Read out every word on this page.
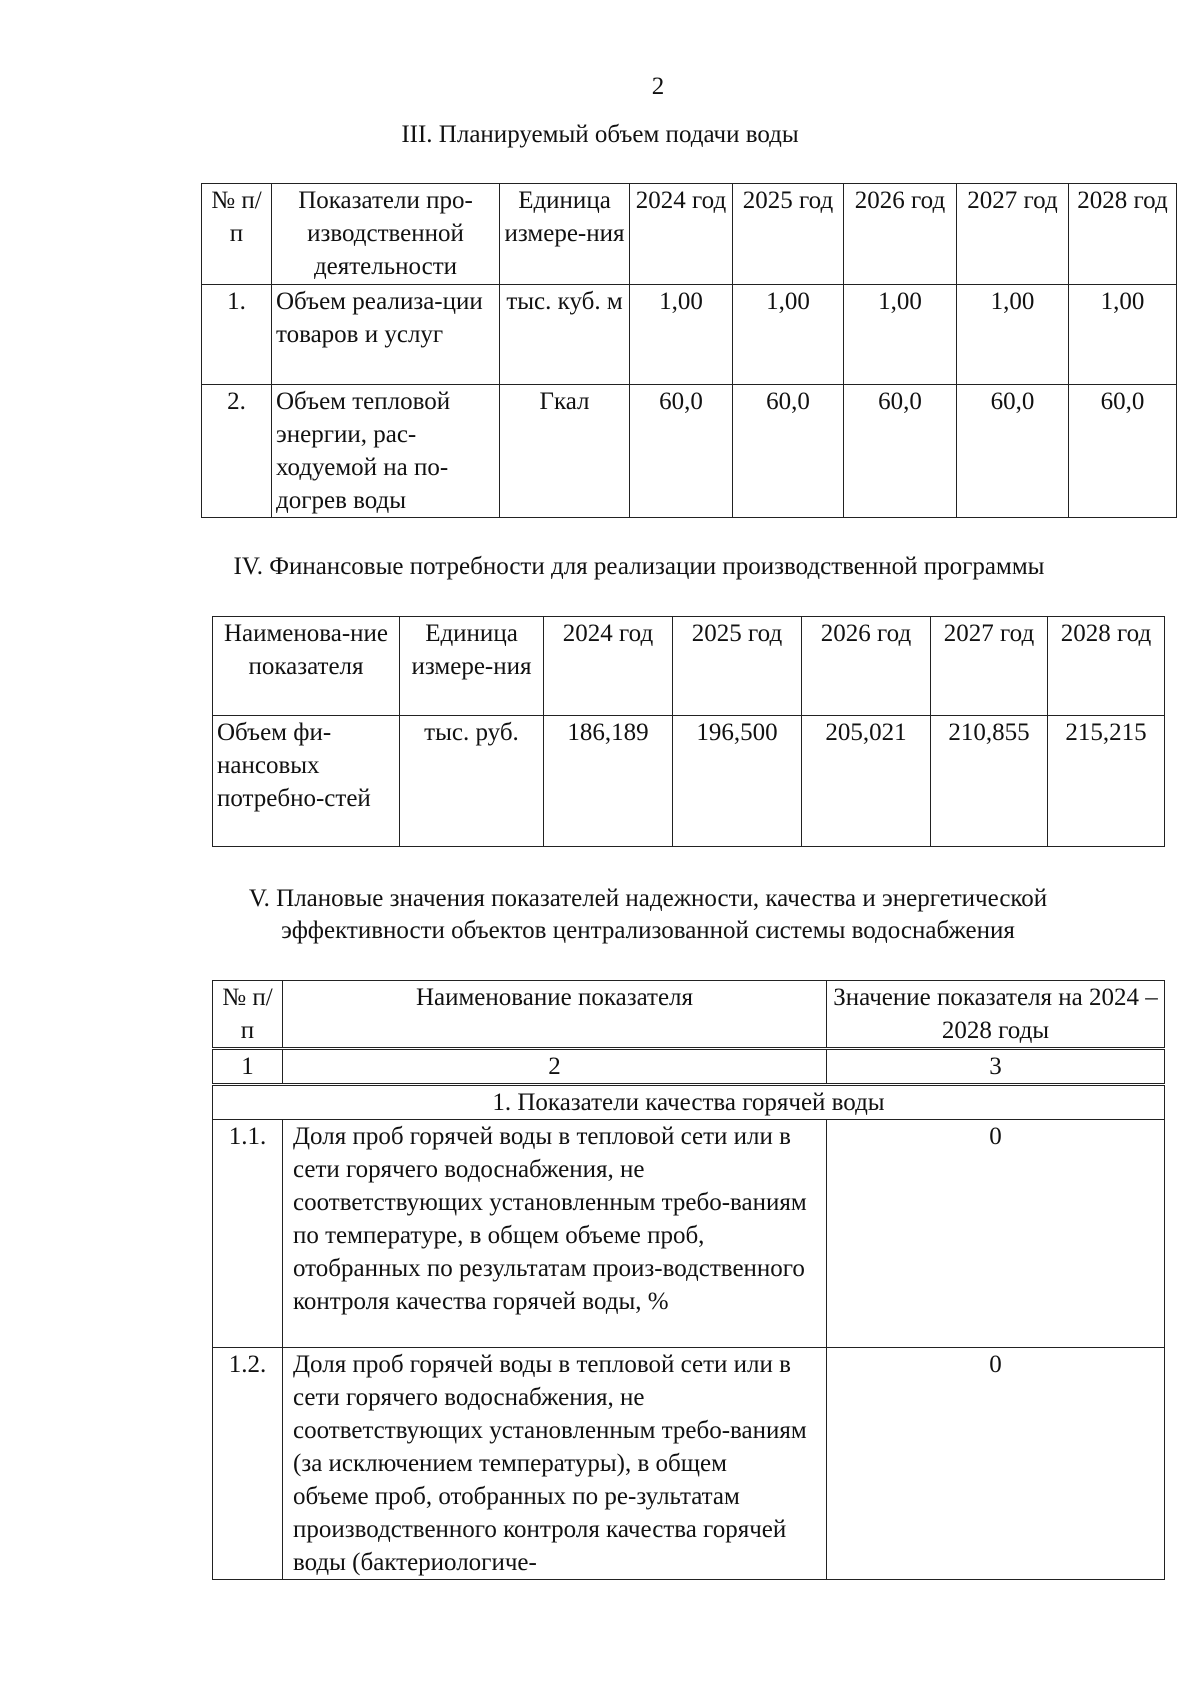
2
III. Планируемый объем подачи воды
№ п/п	Показатели про-изводственной деятельности	Единица измере-ния	2024 год	2025 год	2026 год	2027 год	2028 год
1.	Объем реализа-ции товаров и услуг	тыс. куб. м	1,00	1,00	1,00	1,00	1,00
2.	Объем тепловой энергии, рас-ходуемой на по-догрев воды	Гкал	60,0	60,0	60,0	60,0	60,0
IV. Финансовые потребности для реализации производственной программы
Наименова-ние показателя	Единица измере-ния	2024 год	2025 год	2026 год	2027 год	2028 год
Объем фи-нансовых потребно-стей	тыс. руб.	186,189	196,500	205,021	210,855	215,215
V. Плановые значения показателей надежности, качества и энергетической
эффективности объектов централизованной системы водоснабжения
№ п/п	Наименование показателя	Значение показателя на 2024 – 2028 годы
1	2	3
1. Показатели качества горячей воды		
1.1.	Доля проб горячей воды в тепловой сети или в сети горячего водоснабжения, не соответствующих установленным требо-ваниям по температуре, в общем объеме проб, отобранных по результатам произ-водственного контроля качества горячей воды, %	0
1.2.	Доля проб горячей воды в тепловой сети или в сети горячего водоснабжения, не соответствующих установленным требо-ваниям (за исключением температуры), в общем объеме проб, отобранных по ре-зультатам производственного контроля качества горячей воды (бактериологиче-	0
